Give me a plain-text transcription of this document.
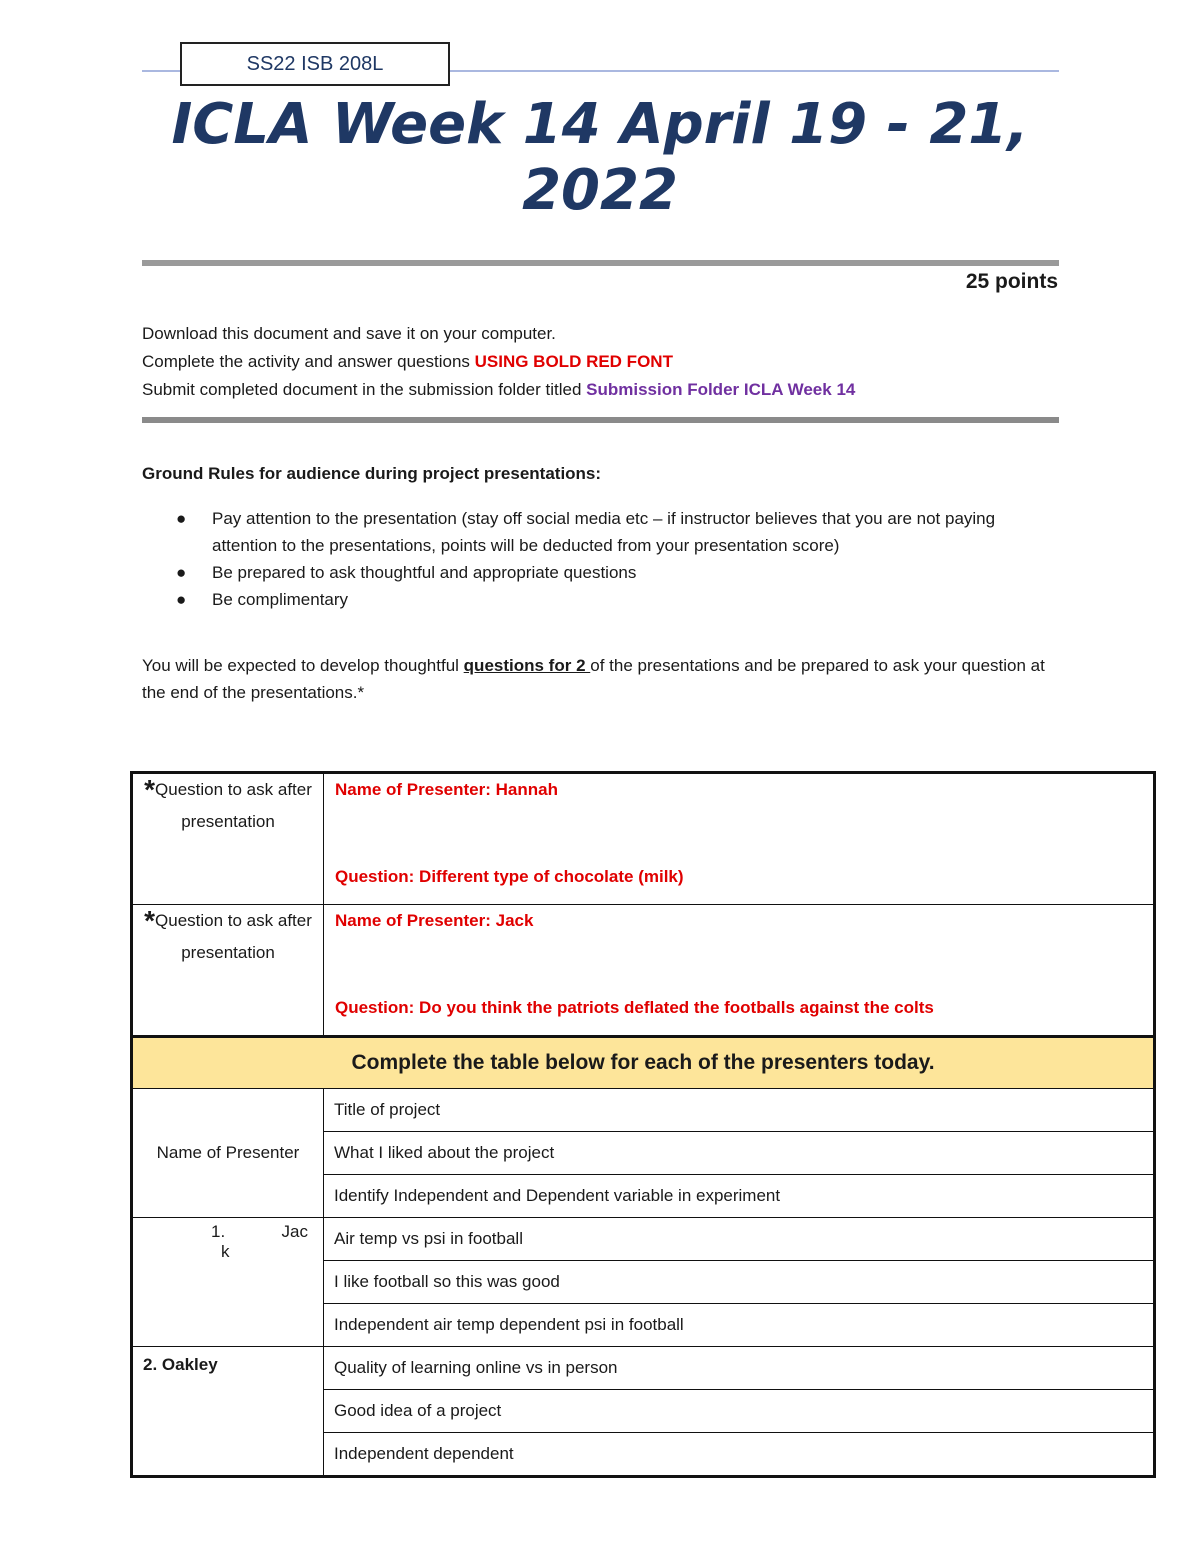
SS22 ISB 208L
ICLA Week 14 April 19 - 21,
2022
25 points

Download this document and save it on your computer.

Complete the activity and answer questions USING BOLD RED FONT

Submit completed document in the submission folder titled Submission Folder ICLA Week 14

Ground Rules for audience during project presentations:
● Pay attention to the presentation (stay off social media etc – if instructor believes that you are not paying attention to the presentations, points will be deducted from your presentation score)
● Be prepared to ask thoughtful and appropriate questions
● Be complimentary
You will be expected to develop thoughtful questions for 2 of the presentations and be prepared to ask your question at the end of the presentations.*
*Question to ask after presentation	Name of Presenter: Hannah
Question: Different type of chocolate (milk)

*Question to ask after presentation	Name of Presenter: Jack
Question: Do you think the patriots deflated the footballs against the colts

Complete the table below for each of the presenters today.	
Name of Presenter	Title of project
	What I liked about the project
	Identify Independent and Dependent variable in experiment

1. Jac
k	Air temp vs psi in football
	I like football so this was good
	Independent air temp dependent psi in football
2. Oakley	Quality of learning online vs in person
	Good idea of a project
	Independent dependent
